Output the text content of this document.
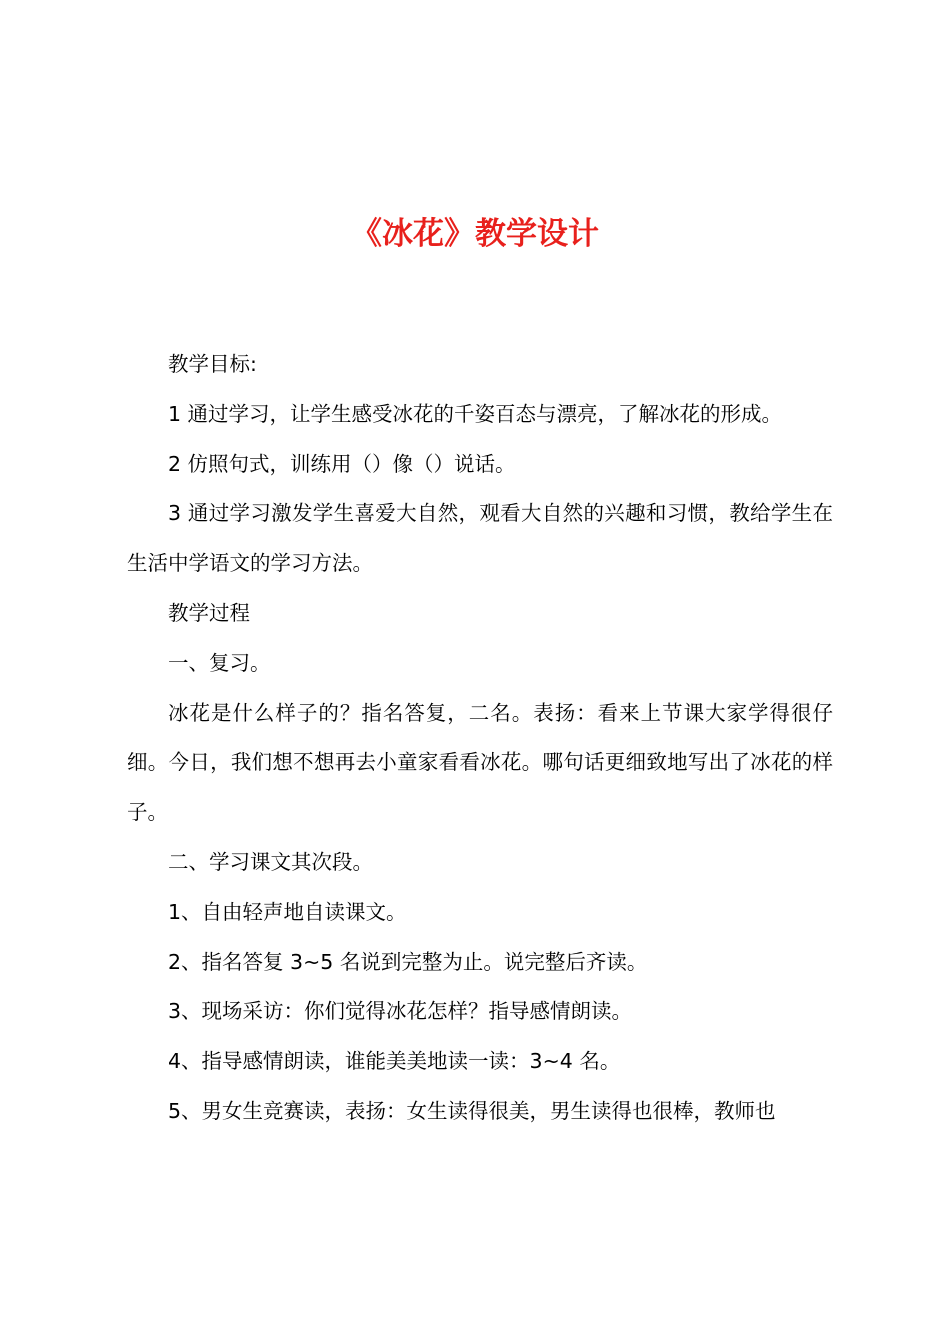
《冰花》教学设计

教学目标:

1 通过学习，让学生感受冰花的千姿百态与漂亮，了解冰花的形成。

2 仿照句式，训练用（）像（）说话。

3 通过学习激发学生喜爱大自然，观看大自然的兴趣和习惯，教给学生在生活中学语文的学习方法。

教学过程

一、复习。

冰花是什么样子的？指名答复，二名。表扬：看来上节课大家学得很仔细。今日，我们想不想再去小童家看看冰花。哪句话更细致地写出了冰花的样子。

二、学习课文其次段。

1、自由轻声地自读课文。

2、指名答复 3~5 名说到完整为止。说完整后齐读。

3、现场采访：你们觉得冰花怎样？指导感情朗读。

4、指导感情朗读，谁能美美地读一读：3~4 名。

5、男女生竞赛读，表扬：女生读得很美，男生读得也很棒，教师也
